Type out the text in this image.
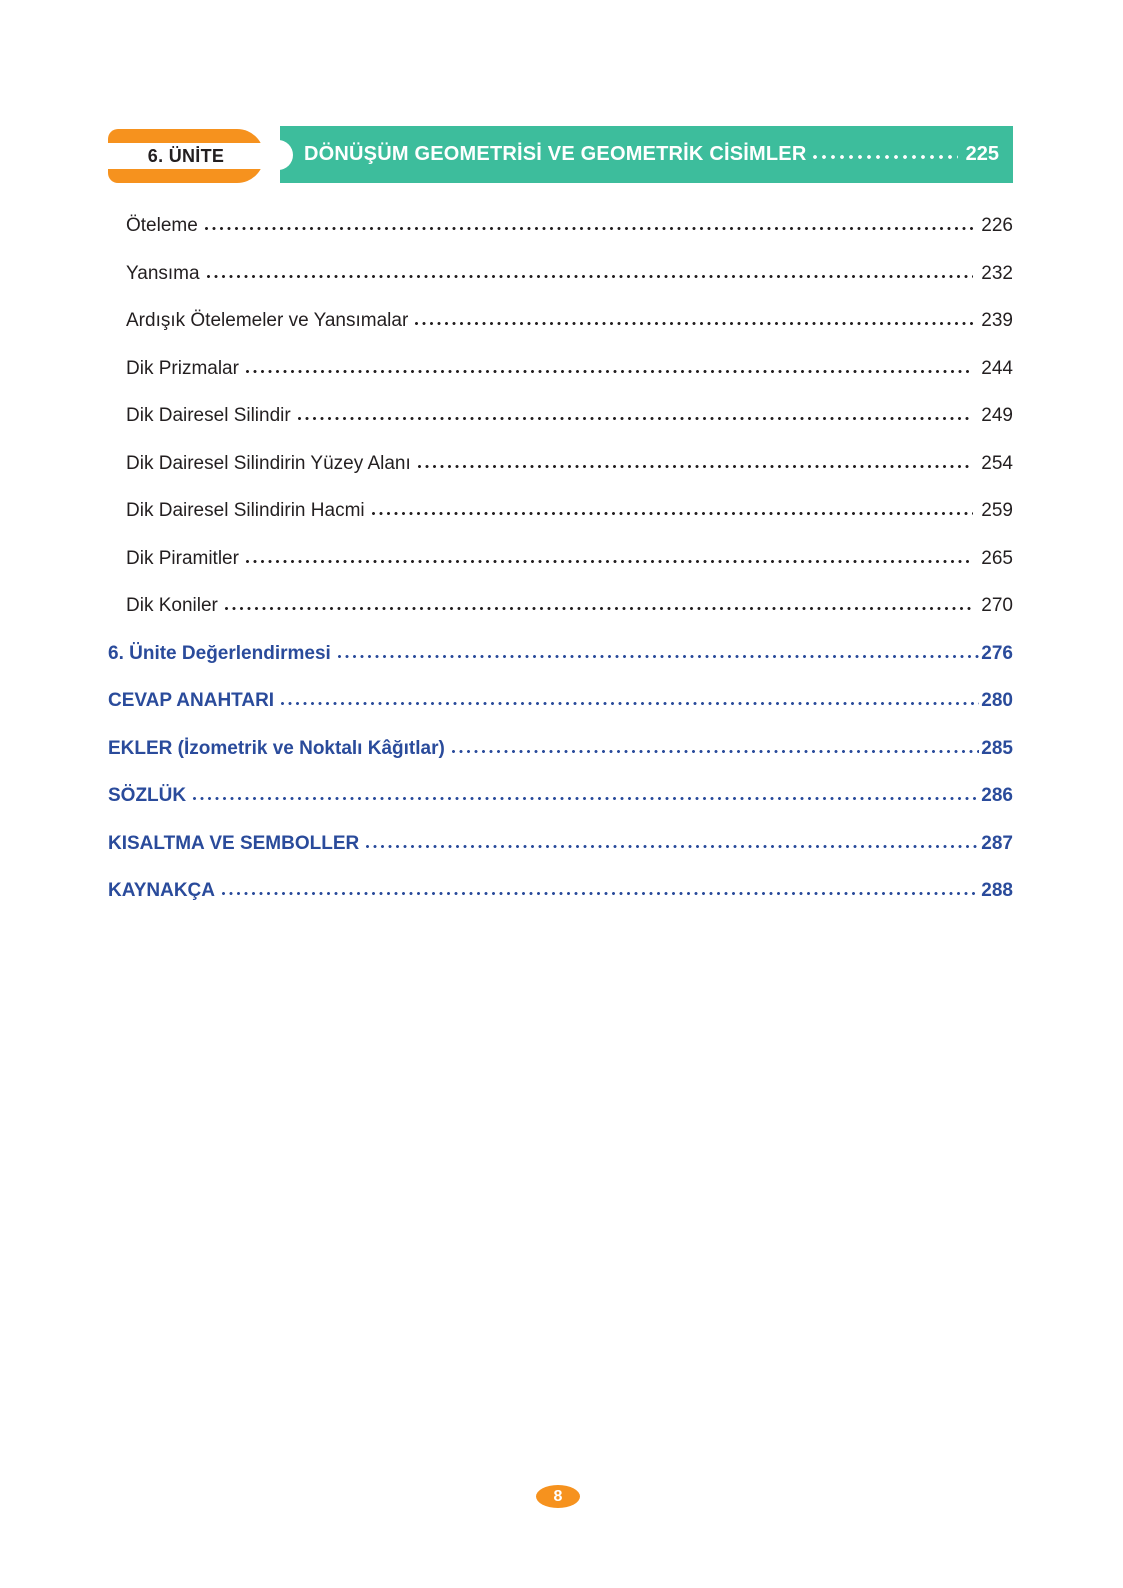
6. ÜNİTE	DÖNÜŞÜM GEOMETRİSİ VE GEOMETRİK CİSİMLER	225
Öteleme	226
Yansıma	232
Ardışık Ötelemeler ve Yansımalar	239
Dik Prizmalar	244
Dik Dairesel Silindir	249
Dik Dairesel Silindirin Yüzey Alanı	254
Dik Dairesel Silindirin Hacmi	259
Dik Piramitler	265
Dik Koniler	270
6. Ünite Değerlendirmesi	276
CEVAP ANAHTARI	280
EKLER (İzometrik ve Noktalı Kâğıtlar)	285
SÖZLÜK	286
KISALTMA VE SEMBOLLER	287
KAYNAKÇA	288
8
